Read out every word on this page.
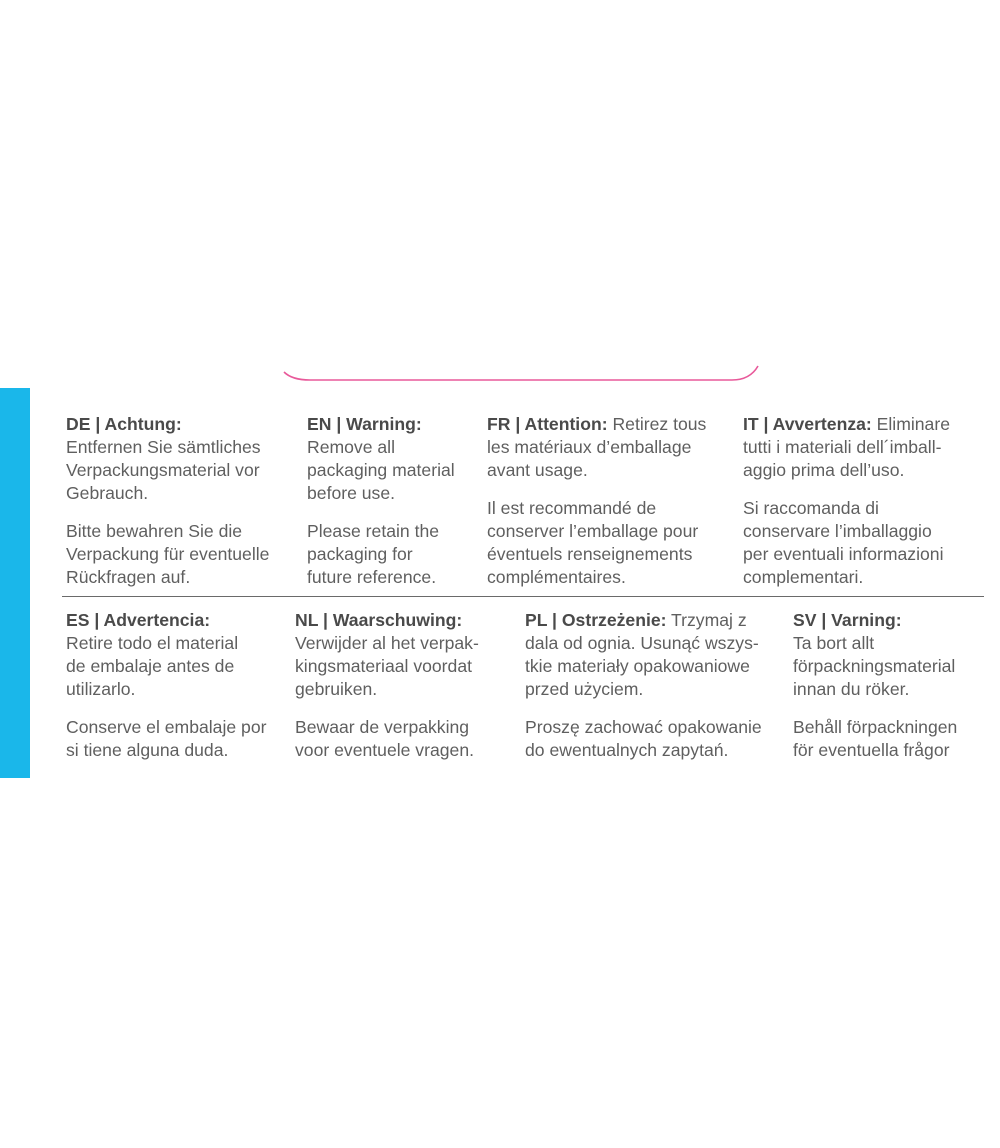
DE | Achtung:
Entfernen Sie sämtliches
Verpackungsmaterial vor
Gebrauch.
Bitte bewahren Sie die
Verpackung für eventuelle
Rückfragen auf.
EN | Warning:
Remove all
packaging material
before use.
Please retain the
packaging for
future reference.
FR | Attention: Retirez tous
les matériaux d’emballage
avant usage.
Il est recommandé de
conserver l’emballage pour
éventuels renseignements
complémentaires.
IT | Avvertenza: Eliminare
tutti i materiali dell´imball-
aggio prima dell’uso.
Si raccomanda di
conservare l’imballaggio
per eventuali informazioni
complementari.
ES | Advertencia:
Retire todo el material
de embalaje antes de
utilizarlo.
Conserve el embalaje por
si tiene alguna duda.
NL | Waarschuwing:
Verwijder al het verpak-
kingsmateriaal voordat
gebruiken.
Bewaar de verpakking
voor eventuele vragen.
PL | Ostrzeżenie: Trzymaj z
dala od ognia. Usunąć wszys-
tkie materiały opakowaniowe
przed użyciem.
Proszę zachować opakowanie
do ewentualnych zapytań.
SV | Varning:
Ta bort allt
förpackningsmaterial
innan du röker.
Behåll förpackningen
för eventuella frågor
